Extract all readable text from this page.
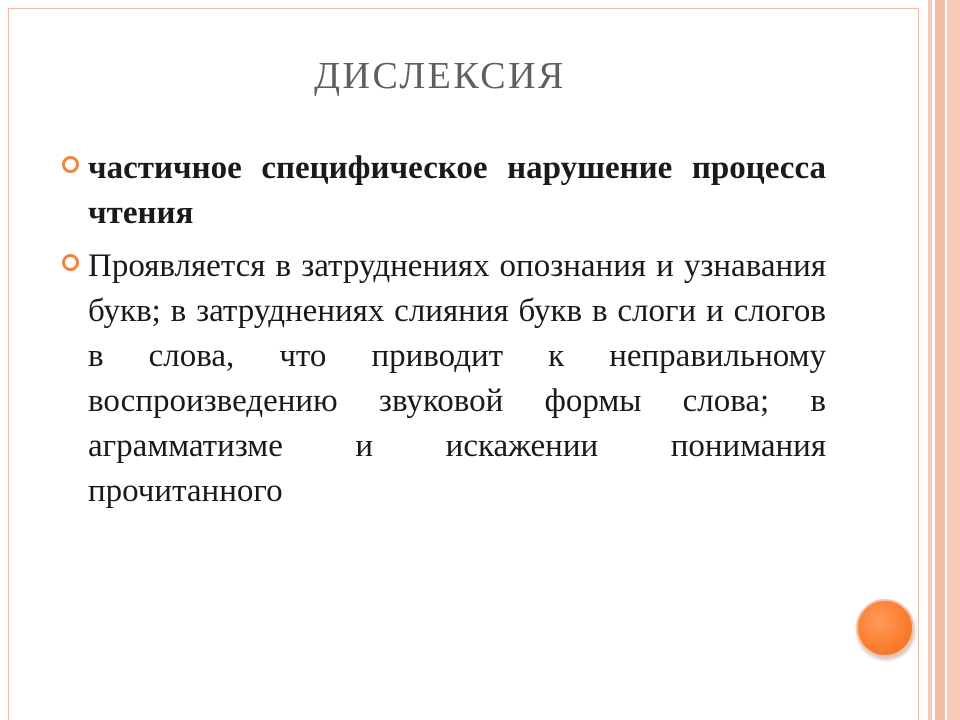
ДИСЛЕКСИЯ
частичное специфическое нарушение процесса чтения
Проявляется в затруднениях опознания и узнавания букв; в затруднениях слияния букв в слоги и слогов в слова, что приводит к неправильному воспроизведению звуковой формы слова; в аграмматизме и искажении понимания прочитанного
